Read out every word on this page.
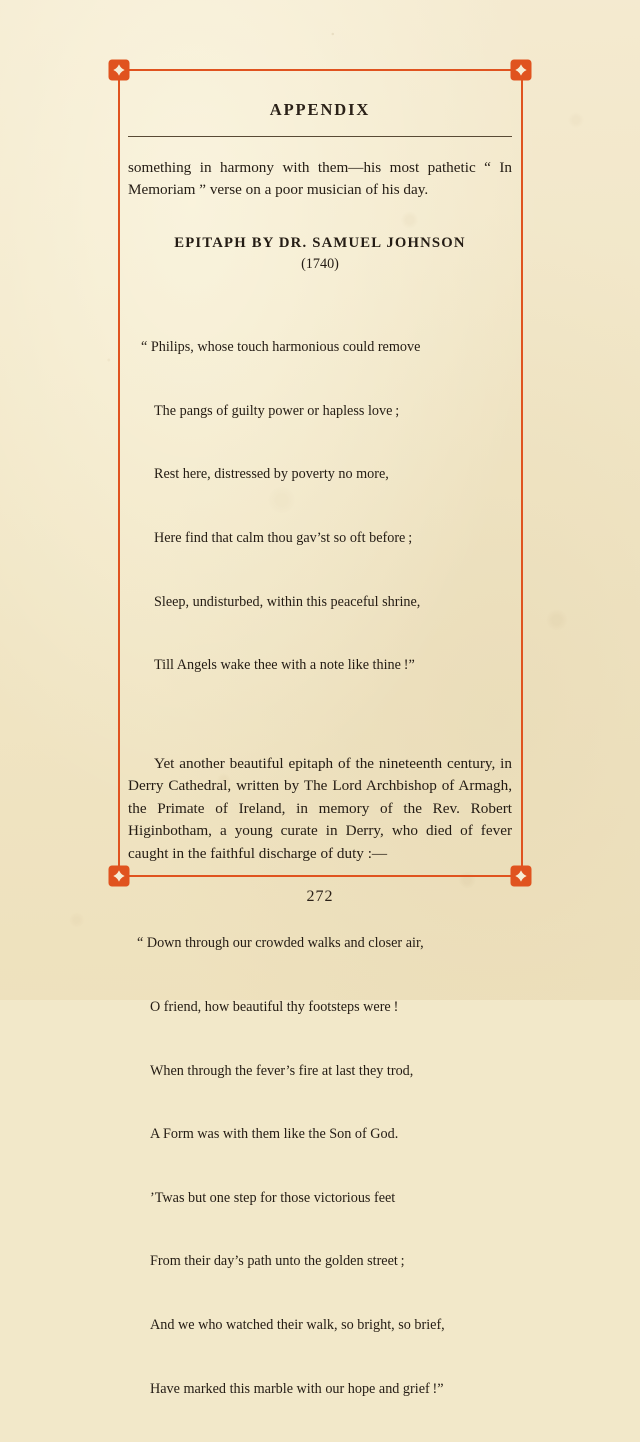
APPENDIX

something in harmony with them—his most pathetic “ In Memoriam ” verse on a poor musician of his day.

EPITAPH BY DR. SAMUEL JOHNSON
(1740)

“ Philips, whose touch harmonious could remove

The pangs of guilty power or hapless love ;

Rest here, distressed by poverty no more,

Here find that calm thou gav’st so oft before ;

Sleep, undisturbed, within this peaceful shrine,

Till Angels wake thee with a note like thine !”

Yet another beautiful epitaph of the nineteenth century, in Derry Cathedral, written by The Lord Archbishop of Armagh, the Primate of Ireland, in memory of the Rev. Robert Higinbotham, a young curate in Derry, who died of fever caught in the faithful discharge of duty :—

“ Down through our crowded walks and closer air,

O friend, how beautiful thy footsteps were !

When through the fever’s fire at last they trod,

A Form was with them like the Son of God.

’Twas but one step for those victorious feet

From their day’s path unto the golden street ;

And we who watched their walk, so bright, so brief,

Have marked this marble with our hope and grief !”

272
